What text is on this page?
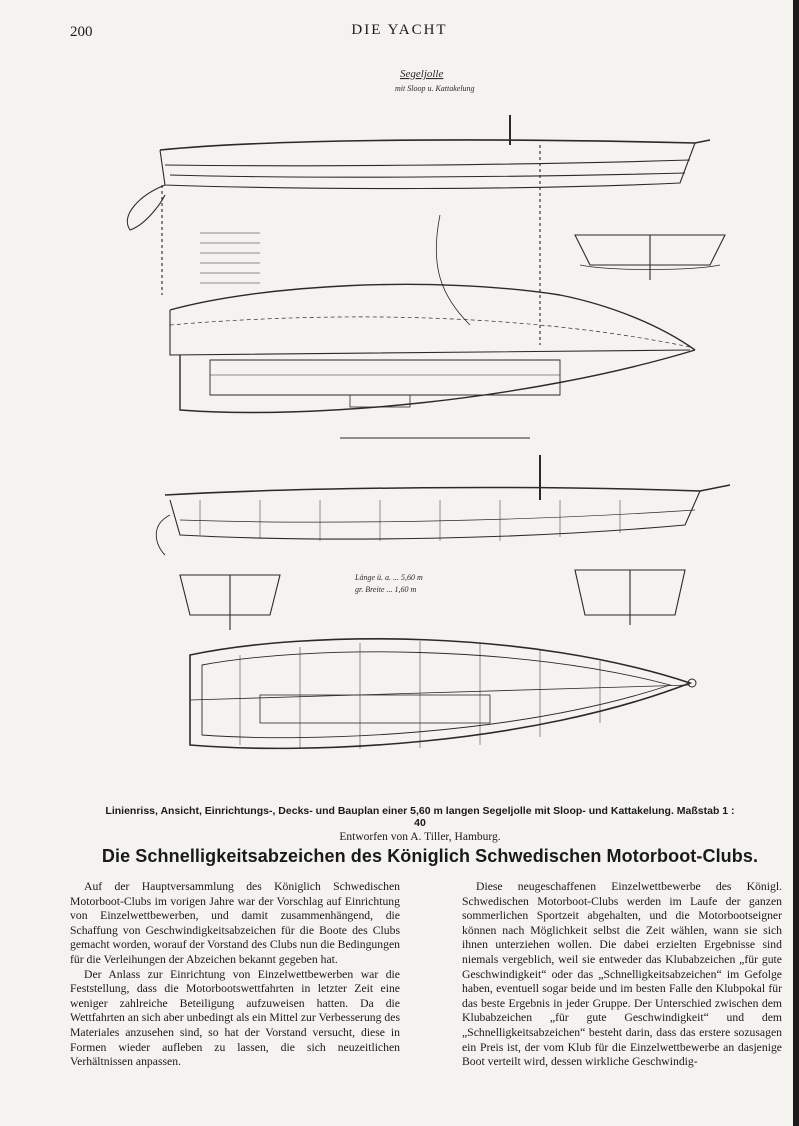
200	DIE YACHT
Segeljolle
mit Sloop u. Kattakelung
Länge ü. a. ... 5,60 m
gr. Breite ... 1,60 m
Linienriss, Ansicht, Einrichtungs-, Decks- und Bauplan einer 5,60 m langen Segeljolle mit Sloop- und Kattakelung. Maßstab 1 : 40
Entworfen von A. Tiller, Hamburg.
Die Schnelligkeitsabzeichen des Königlich Schwedischen Motorboot-Clubs.

Auf der Hauptversammlung des Königlich Schwedischen Motorboot-Clubs im vorigen Jahre war der Vorschlag auf Einrichtung von Einzelwettbewerben, und damit zusammenhängend, die Schaffung von Geschwindigkeitsabzeichen für die Boote des Clubs gemacht worden, worauf der Vorstand des Clubs nun die Bedingungen für die Verleihungen der Abzeichen bekannt gegeben hat.

Der Anlass zur Einrichtung von Einzelwettbewerben war die Feststellung, dass die Motorbootswettfahrten in letzter Zeit eine weniger zahlreiche Beteiligung aufzuweisen hatten. Da die Wettfahrten an sich aber unbedingt als ein Mittel zur Verbesserung des Materiales anzusehen sind, so hat der Vorstand versucht, diese in Formen wieder aufleben zu lassen, die sich neuzeitlichen Verhältnissen anpassen.

Diese neugeschaffenen Einzelwettbewerbe des Königl. Schwedischen Motorboot-Clubs werden im Laufe der ganzen sommerlichen Sportzeit abgehalten, und die Motorbootseigner können nach Möglichkeit selbst die Zeit wählen, wann sie sich ihnen unterziehen wollen. Die dabei erzielten Ergebnisse sind niemals vergeblich, weil sie entweder das Klubabzeichen „für gute Geschwindigkeit“ oder das „Schnelligkeitsabzeichen“ im Gefolge haben, eventuell sogar beide und im besten Falle den Klubpokal für das beste Ergebnis in jeder Gruppe. Der Unterschied zwischen dem Klubabzeichen „für gute Geschwindigkeit“ und dem „Schnelligkeitsabzeichen“ besteht darin, dass das erstere sozusagen ein Preis ist, der vom Klub für die Einzelwettbewerbe an dasjenige Boot verteilt wird, dessen wirkliche Geschwindig-
